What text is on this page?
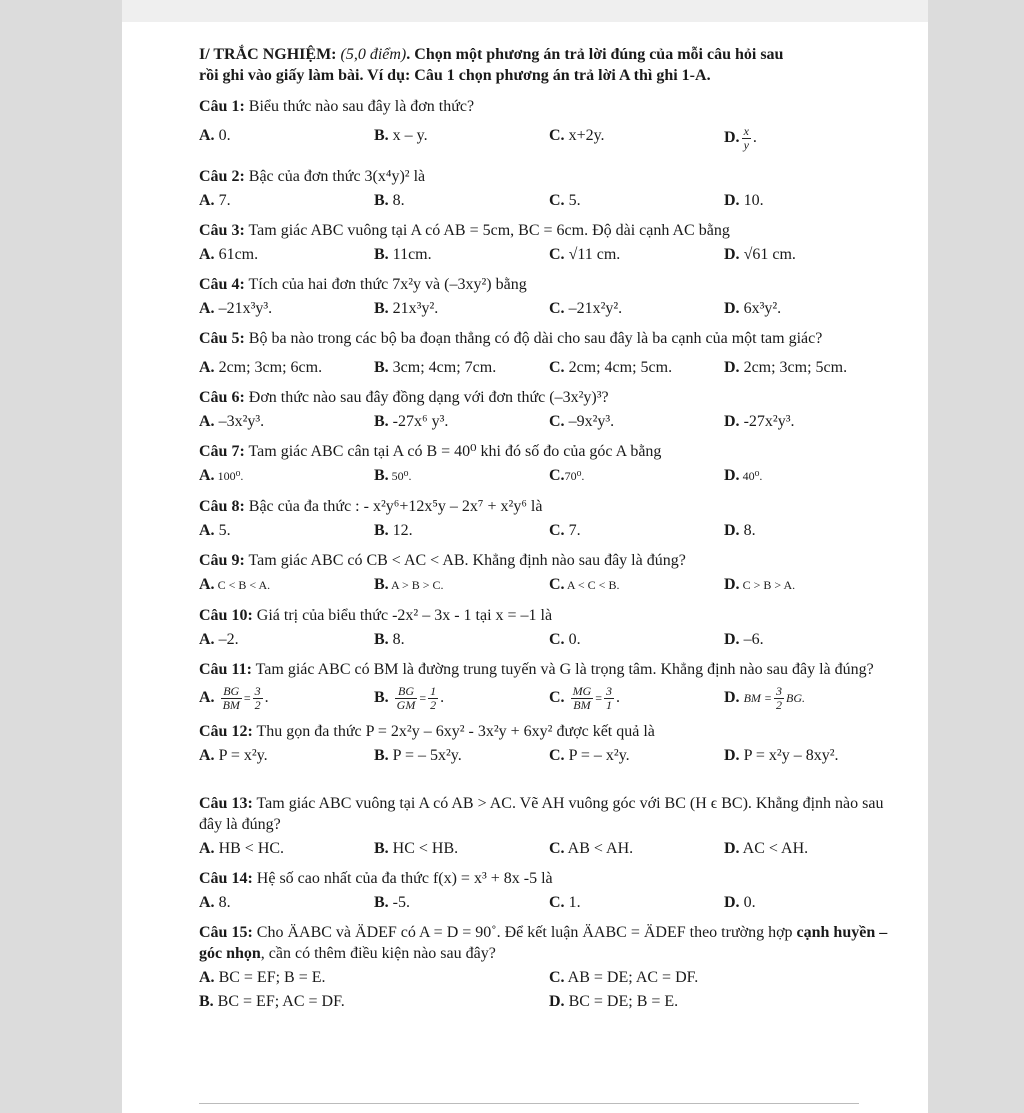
I/ TRẮC NGHIỆM: (5,0 điểm). Chọn một phương án trả lời đúng của mỗi câu hỏi sau
rồi ghi vào giấy làm bài. Ví dụ: Câu 1 chọn phương án trả lời A thì ghi 1-A.
Câu 1: Biểu thức nào sau đây là đơn thức?
A. 0.	B. x – y.	C. x+2y.	D. $\frac{x}{y}$ .
Câu 2: Bậc của đơn thức 3(x⁴y)² là
A. 7.	B. 8.	C. 5.	D. 10.
Câu 3: Tam giác ABC vuông tại A có AB = 5cm, BC = 6cm. Độ dài cạnh AC bằng
A. 61cm.	B. 11cm.	C. √11 cm.	D. √61 cm.
Câu 4: Tích của hai đơn thức 7x²y và (–3xy²) bằng
A. –21x³y³.	B. 21x³y².	C. –21x²y².	D. 6x³y².
Câu 5: Bộ ba nào trong các bộ ba đoạn thẳng có độ dài cho sau đây là ba cạnh của một tam giác?
A. 2cm; 3cm; 6cm.	B. 3cm; 4cm; 7cm.	C. 2cm; 4cm; 5cm.	D. 2cm; 3cm; 5cm.
Câu 6: Đơn thức nào sau đây đồng dạng với đơn thức (–3x²y)³?
A. –3x²y³.	B. -27x⁶ y³.	C. –9x²y³.	D. -27x²y³.
Câu 7: Tam giác ABC cân tại A có B = 40⁰ khi đó số đo của góc A bằng
A. 100⁰.	B. 50⁰.	C.70⁰.	D. 40⁰.
Câu 8: Bậc của đa thức : - x²y⁶+12x⁵y – 2x⁷ + x²y⁶ là
A. 5.	B. 12.	C. 7.	D. 8.
Câu 9: Tam giác ABC có CB < AC < AB. Khẳng định nào sau đây là đúng?
A. C < B < A.	B. A > B > C.	C. A < C < B.	D. C > B > A.
Câu 10: Giá trị của biểu thức -2x² – 3x - 1 tại x = –1 là
A. –2.	B. 8.	C. 0.	D. –6.
Câu 11: Tam giác ABC có BM là đường trung tuyến và G là trọng tâm. Khẳng định nào sau đây là đúng?
A. $\frac{BG}{BM} = \frac{3}{2}$ .	B. $\frac{BG}{GM} = \frac{1}{2}$ .	C. $\frac{MG}{BM} = \frac{3}{1}$ .	D. BM = $\frac{3}{2}$ BG.
Câu 12: Thu gọn đa thức P = 2x²y – 6xy² - 3x²y + 6xy² được kết quả là
A. P = x²y.	B. P = – 5x²y.	C. P = – x²y.	D. P = x²y – 8xy².
Câu 13: Tam giác ABC vuông tại A có AB > AC. Vẽ AH vuông góc với BC (H ϵ BC). Khẳng định nào sau đây là đúng?
A. HB < HC.	B. HC < HB.	C. AB < AH.	D. AC < AH.
Câu 14: Hệ số cao nhất của đa thức f(x) = x³ + 8x -5 là
A. 8.	B. -5.	C. 1.	D. 0.
Câu 15: Cho ÄABC và ÄDEF có A = D = 90˚. Để kết luận ÄABC = ÄDEF theo trường hợp cạnh huyền – góc nhọn, cần có thêm điều kiện nào sau đây?
A. BC = EF; B = E.	C. AB = DE; AC = DF.
B. BC = EF; AC = DF.	D. BC = DE; B = E.
